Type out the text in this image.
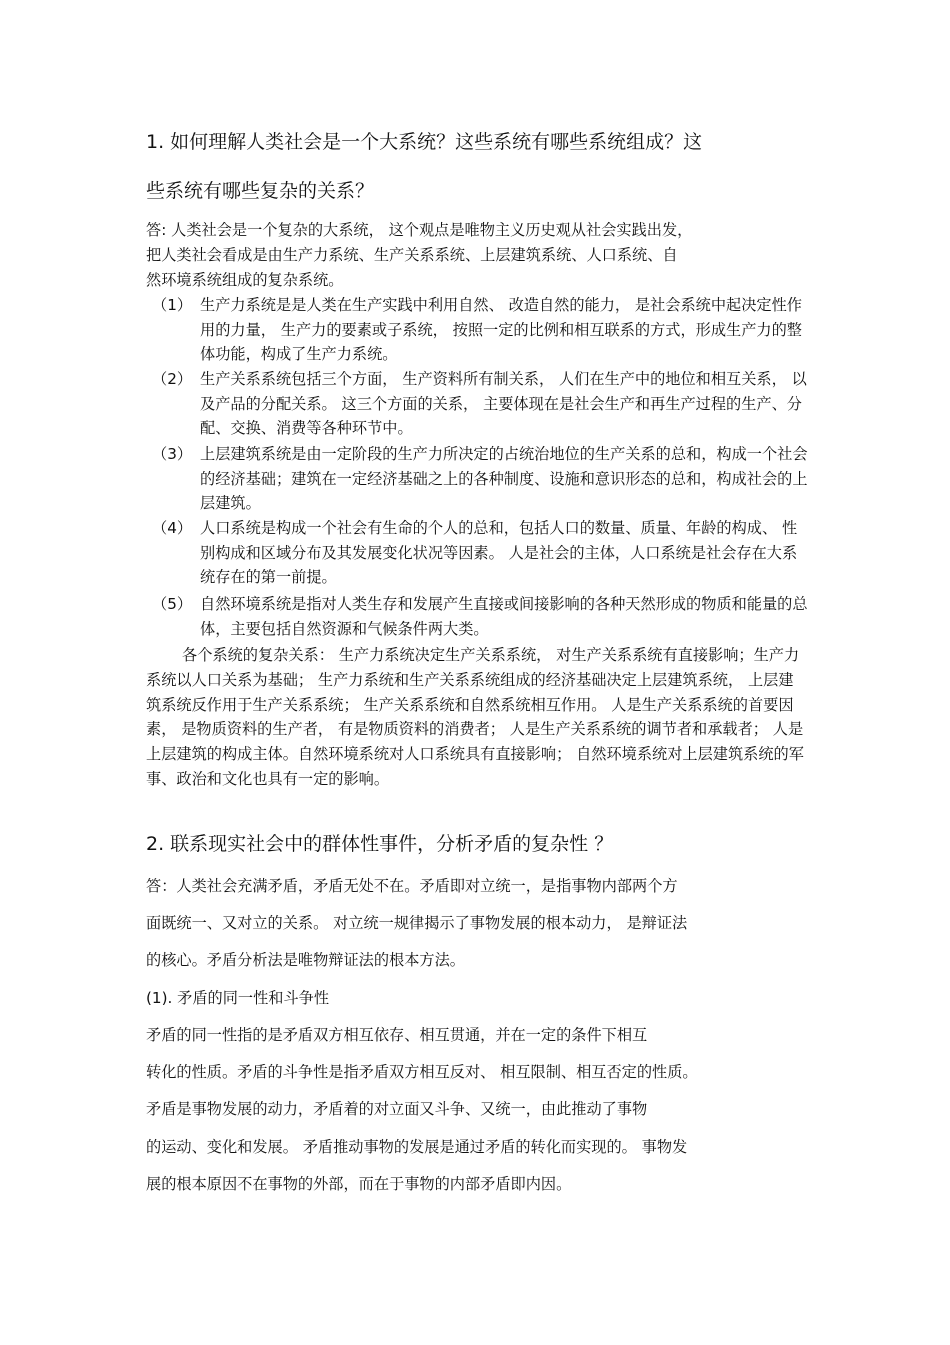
1. 如何理解人类社会是一个大系统？这些系统有哪些系统组成？这
些系统有哪些复杂的关系？
答: 人类社会是一个复杂的大系统， 这个观点是唯物主义历史观从社会实践出发，
把人类社会看成是由生产力系统、生产关系系统、上层建筑系统、人口系统、自
然环境系统组成的复杂系统。
（1） 生产力系统是是人类在生产实践中利用自然、 改造自然的能力， 是社会系统中起决定性作用的力量， 生产力的要素或子系统， 按照一定的比例和相互联系的方式，形成生产力的整体功能，构成了生产力系统。
（2） 生产关系系统包括三个方面， 生产资料所有制关系， 人们在生产中的地位和相互关系， 以及产品的分配关系。 这三个方面的关系， 主要体现在是社会生产和再生产过程的生产、分配、交换、消费等各种环节中。
（3） 上层建筑系统是由一定阶段的生产力所决定的占统治地位的生产关系的总和，构成一个社会的经济基础；建筑在一定经济基础之上的各种制度、设施和意识形态的总和，构成社会的上层建筑。
（4） 人口系统是构成一个社会有生命的个人的总和，包括人口的数量、质量、年龄的构成、 性别构成和区域分布及其发展变化状况等因素。 人是社会的主体，人口系统是社会存在大系统存在的第一前提。
（5） 自然环境系统是指对人类生存和发展产生直接或间接影响的各种天然形成的物质和能量的总体，主要包括自然资源和气候条件两大类。
各个系统的复杂关系： 生产力系统决定生产关系系统， 对生产关系系统有直接影响；生产力系统以人口关系为基础； 生产力系统和生产关系系统组成的经济基础决定上层建筑系统， 上层建筑系统反作用于生产关系系统； 生产关系系统和自然系统相互作用。 人是生产关系系统的首要因素， 是物质资料的生产者， 有是物质资料的消费者； 人是生产关系系统的调节者和承载者； 人是上层建筑的构成主体。自然环境系统对人口系统具有直接影响； 自然环境系统对上层建筑系统的军事、政治和文化也具有一定的影响。
2. 联系现实社会中的群体性事件，分析矛盾的复杂性 ？
答：人类社会充满矛盾，矛盾无处不在。矛盾即对立统一，是指事物内部两个方
面既统一、又对立的关系。 对立统一规律揭示了事物发展的根本动力， 是辩证法
的核心。矛盾分析法是唯物辩证法的根本方法。
(1). 矛盾的同一性和斗争性
矛盾的同一性指的是矛盾双方相互依存、相互贯通，并在一定的条件下相互
转化的性质。矛盾的斗争性是指矛盾双方相互反对、 相互限制、相互否定的性质。
矛盾是事物发展的动力，矛盾着的对立面又斗争、又统一，由此推动了事物
的运动、变化和发展。 矛盾推动事物的发展是通过矛盾的转化而实现的。 事物发
展的根本原因不在事物的外部，而在于事物的内部矛盾即内因。
